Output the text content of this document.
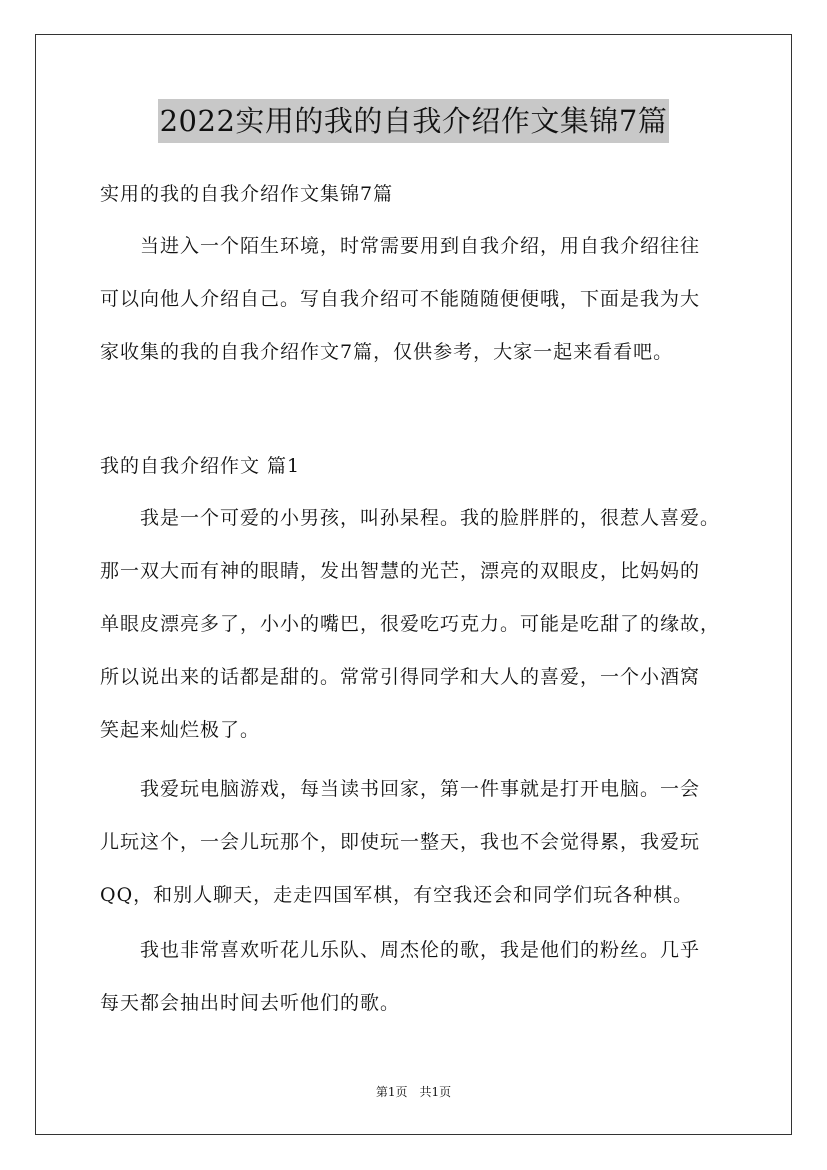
2022实用的我的自我介绍作文集锦7篇
实用的我的自我介绍作文集锦7篇
　　当进入一个陌生环境，时常需要用到自我介绍，用自我介绍往往
可以向他人介绍自己。写自我介绍可不能随随便便哦，下面是我为大
家收集的我的自我介绍作文7篇，仅供参考，大家一起来看看吧。
我的自我介绍作文 篇1
　　我是一个可爱的小男孩，叫孙杲程。我的脸胖胖的，很惹人喜爱。
那一双大而有神的眼睛，发出智慧的光芒，漂亮的双眼皮，比妈妈的
单眼皮漂亮多了，小小的嘴巴，很爱吃巧克力。可能是吃甜了的缘故，
所以说出来的话都是甜的。常常引得同学和大人的喜爱，一个小酒窝
笑起来灿烂极了。
　　我爱玩电脑游戏，每当读书回家，第一件事就是打开电脑。一会
儿玩这个，一会儿玩那个，即使玩一整天，我也不会觉得累，我爱玩
QQ，和别人聊天，走走四国军棋，有空我还会和同学们玩各种棋。
　　我也非常喜欢听花儿乐队、周杰伦的歌，我是他们的粉丝。几乎
每天都会抽出时间去听他们的歌。
第1页　共1页
